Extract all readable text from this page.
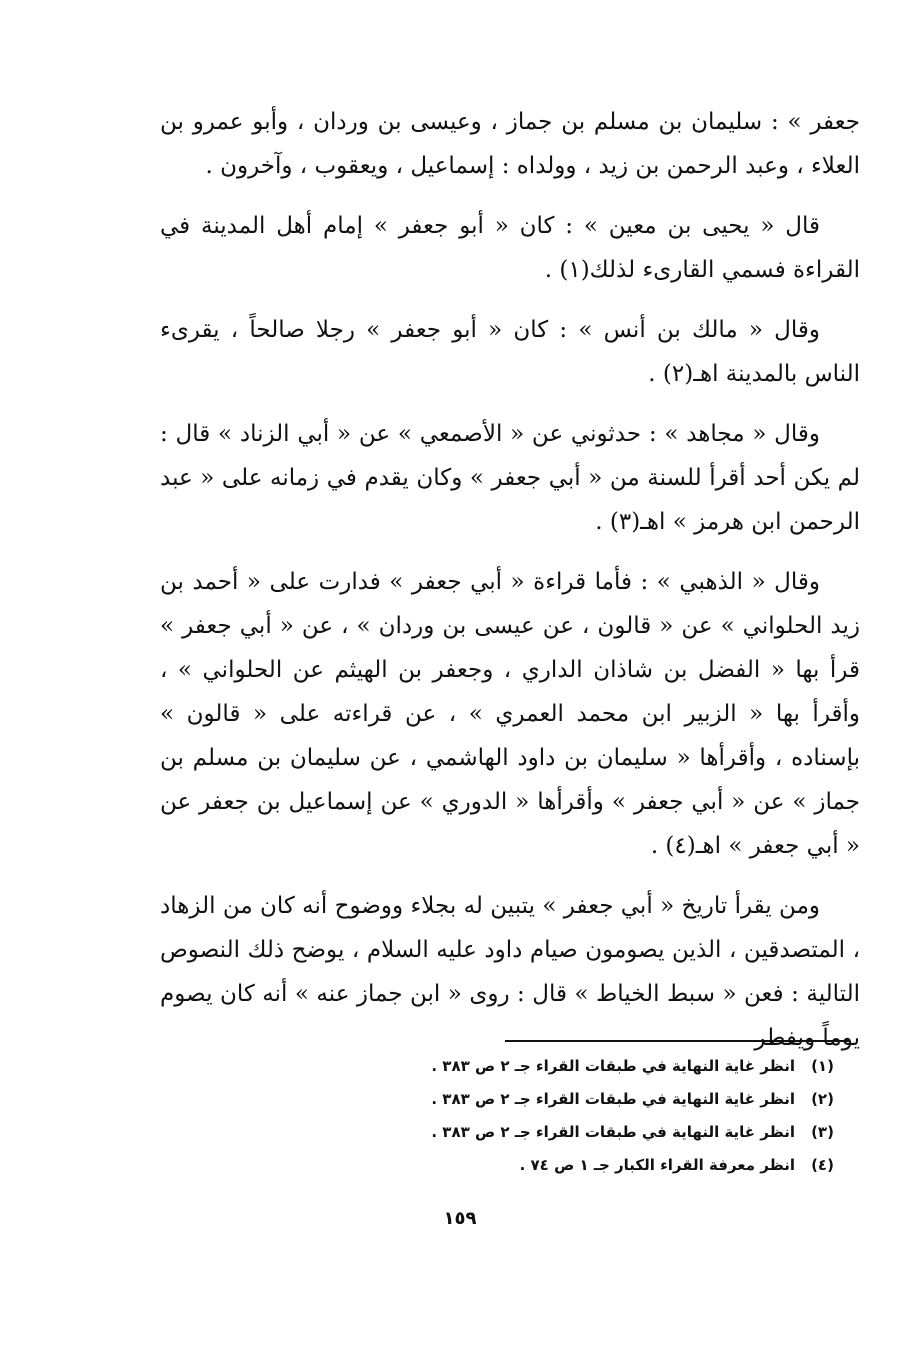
جعفر » : سليمان بن مسلم بن جماز ، وعيسى بن وردان ، وأبو عمرو بن العلاء ، وعبد الرحمن بن زيد ، وولداه : إسماعيل ، ويعقوب ، وآخرون .

قال « يحيى بن معين » : كان « أبو جعفر » إمام أهل المدينة في القراءة فسمي القارىء لذلك(١) .

وقال « مالك بن أنس » : كان « أبو جعفر » رجلا صالحاً ، يقرىء الناس بالمدينة اهـ(٢) .

وقال « مجاهد » : حدثوني عن « الأصمعي » عن « أبي الزناد » قال : لم يكن أحد أقرأ للسنة من « أبي جعفر » وكان يقدم في زمانه على « عبد الرحمن ابن هرمز » اهـ(٣) .

وقال « الذهبي » : فأما قراءة « أبي جعفر » فدارت على « أحمد بن زيد الحلواني » عن « قالون ، عن عيسى بن وردان » ، عن « أبي جعفر » قرأ بها « الفضل بن شاذان الداري ، وجعفر بن الهيثم عن الحلواني » ، وأقرأ بها « الزبير ابن محمد العمري » ، عن قراءته على « قالون » بإسناده ، وأقرأها « سليمان بن داود الهاشمي ، عن سليمان بن مسلم بن جماز » عن « أبي جعفر » وأقرأها « الدوري » عن إسماعيل بن جعفر عن « أبي جعفر » اهـ(٤) .

ومن يقرأ تاريخ « أبي جعفر » يتبين له بجلاء ووضوح أنه كان من الزهاد ، المتصدقين ، الذين يصومون صيام داود عليه السلام ، يوضح ذلك النصوص التالية : فعن « سبط الخياط » قال : روى « ابن جماز عنه » أنه كان يصوم يوماً ويفطر

(١)
انظر غاية النهاية في طبقات القراء جـ ٢ ص ٣٨٣ .
(٢)
انظر غاية النهاية في طبقات القراء جـ ٢ ص ٣٨٣ .
(٣)
انظر غاية النهاية في طبقات القراء جـ ٢ ص ٣٨٣ .
(٤)
انظر معرفة القراء الكبار جـ ١ ص ٧٤ .
١٥٩
